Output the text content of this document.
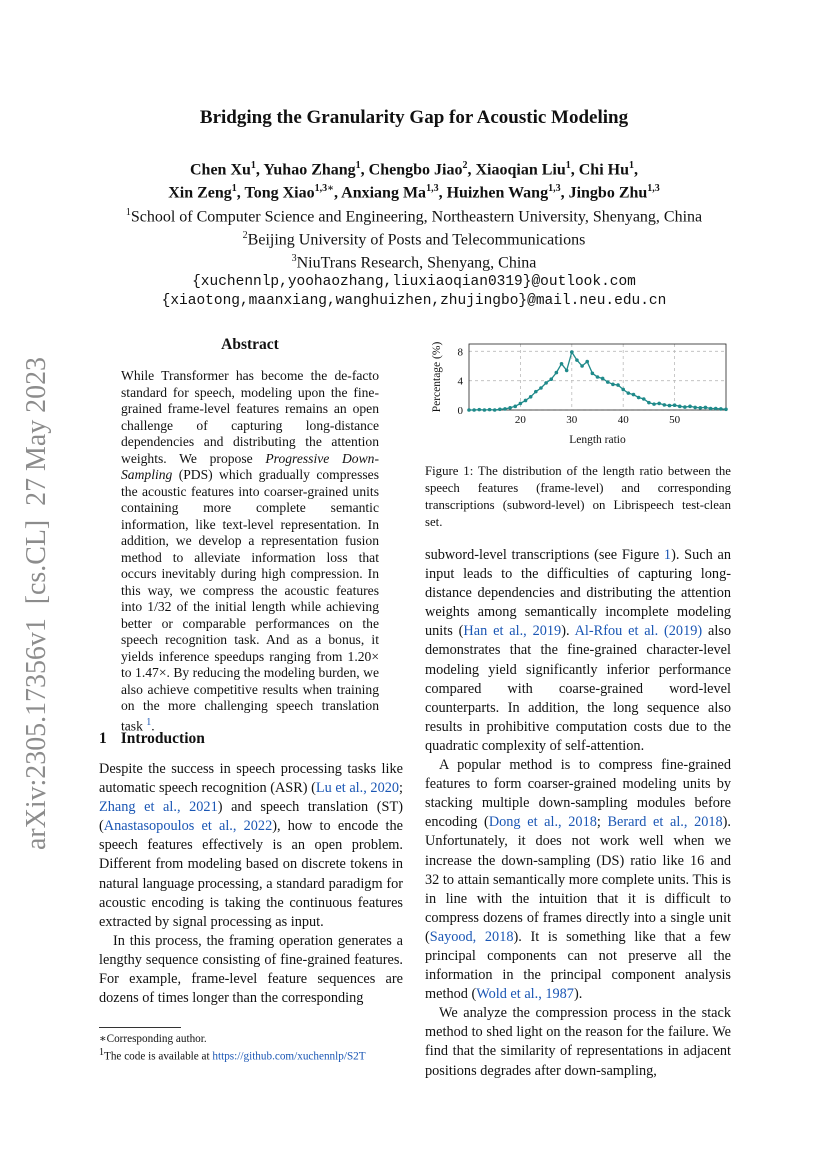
arXiv:2305.17356v1  [cs.CL]  27 May 2023
Bridging the Granularity Gap for Acoustic Modeling
Chen Xu$^1$, Yuhao Zhang$^1$, Chengbo Jiao$^2$, Xiaoqian Liu$^1$, Chi Hu$^1$,
Xin Zeng$^1$, Tong Xiao$^{1,3∗}$, Anxiang Ma$^{1,3}$, Huizhen Wang$^{1,3}$, Jingbo Zhu$^{1,3}$
$^1$School of Computer Science and Engineering, Northeastern University, Shenyang, China
$^2$Beijing University of Posts and Telecommunications
$^3$NiuTrans Research, Shenyang, China
{xuchennlp,yoohaozhang,liuxiaoqian0319}@outlook.com
{xiaotong,maanxiang,wanghuizhen,zhujingbo}@mail.neu.edu.cn
Abstract

While Transformer has become the de-facto standard for speech, modeling upon the fine-grained frame-level features remains an open challenge of capturing long-distance dependencies and distributing the attention weights. We propose Progressive Down-Sampling (PDS) which gradually compresses the acoustic features into coarser-grained units containing more complete semantic information, like text-level representation. In addition, we develop a representation fusion method to alleviate information loss that occurs inevitably during high compression. In this way, we compress the acoustic features into 1/32 of the initial length while achieving better or comparable performances on the speech recognition task. And as a bonus, it yields inference speedups ranging from 1.20× to 1.47×. By reducing the modeling burden, we also achieve competitive results when training on the more challenging speech translation task $^1$.

1 Introduction

Despite the success in speech processing tasks like automatic speech recognition (ASR) (Lu et al., 2020; Zhang et al., 2021) and speech translation (ST) (Anastasopoulos et al., 2022), how to encode the speech features effectively is an open problem. Different from modeling based on discrete tokens in natural language processing, a standard paradigm for acoustic encoding is taking the continuous features extracted by signal processing as input.

In this process, the framing operation generates a lengthy sequence consisting of fine-grained features. For example, frame-level feature sequences are dozens of times longer than the corresponding

∗Corresponding author.
$^1$The code is available at https://github.com/xuchennlp/S2T
0
4
8
20	30	40	50
Length ratio
Percentage (%)
Figure 1: The distribution of the length ratio between the speech features (frame-level) and corresponding transcriptions (subword-level) on Librispeech test-clean set.

subword-level transcriptions (see Figure 1). Such an input leads to the difficulties of capturing long-distance dependencies and distributing the attention weights among semantically incomplete modeling units (Han et al., 2019). Al-Rfou et al. (2019) also demonstrates that the fine-grained character-level modeling yield significantly inferior performance compared with coarse-grained word-level counterparts. In addition, the long sequence also results in prohibitive computation costs due to the quadratic complexity of self-attention.

A popular method is to compress fine-grained features to form coarser-grained modeling units by stacking multiple down-sampling modules before encoding (Dong et al., 2018; Berard et al., 2018). Unfortunately, it does not work well when we increase the down-sampling (DS) ratio like 16 and 32 to attain semantically more complete units. This is in line with the intuition that it is difficult to compress dozens of frames directly into a single unit (Sayood, 2018). It is something like that a few principal components can not preserve all the information in the principal component analysis method (Wold et al., 1987).

We analyze the compression process in the stack method to shed light on the reason for the failure. We find that the similarity of representations in adjacent positions degrades after down-sampling,
